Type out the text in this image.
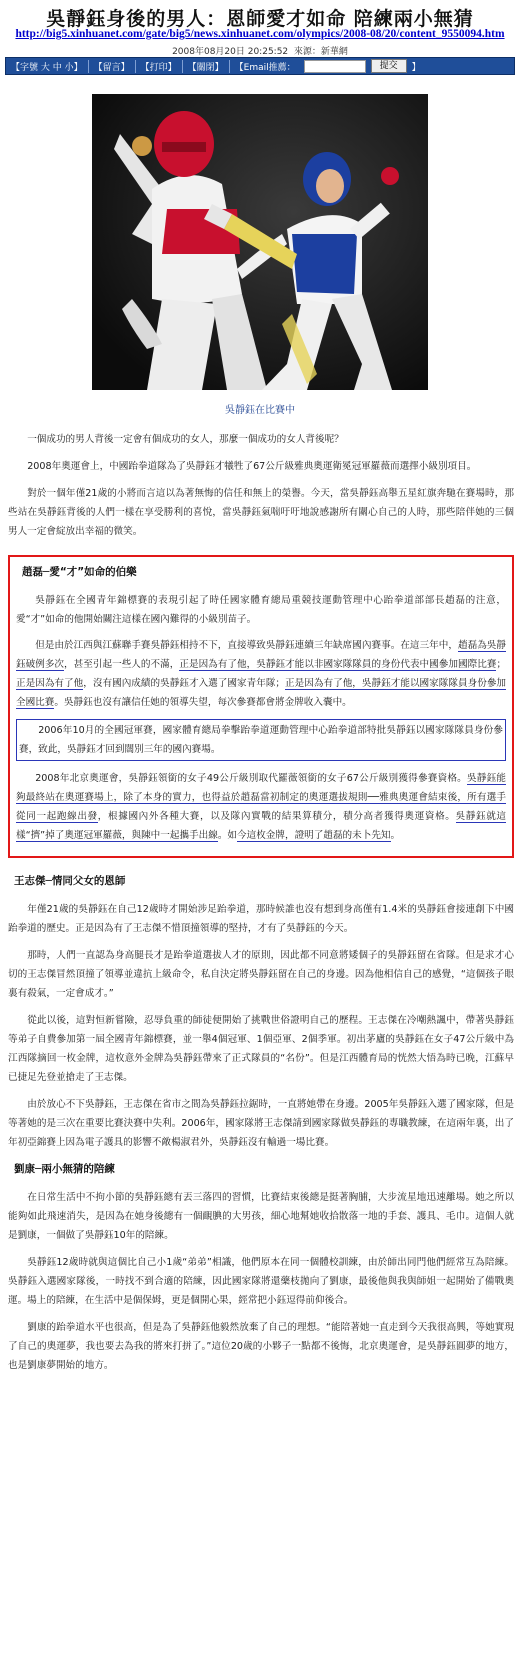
吳靜鈺身後的男人：恩師愛才如命 陪練兩小無猜
http://big5.xinhuanet.com/gate/big5/news.xinhuanet.com/olympics/2008-08/20/content_9550094.htm
2008年08月20日 20:25:52 來源：新華網
【字號 大 中 小】	【留言】	【打印】	【關閉】	【Email推薦：	提交	】
吳靜鈺在比賽中

一個成功的男人背後一定會有個成功的女人，那麼一個成功的女人背後呢？

2008年奧運會上，中國跆拳道隊為了吳靜鈺才犧牲了67公斤級雅典奧運衛冕冠軍羅薇而選擇小級別項目。

對於一個年僅21歲的小將而言這以為著無悔的信任和無上的榮譽。今天，當吳靜鈺高舉五星紅旗奔馳在賽場時，那些站在吳靜鈺背後的人們一樣在享受勝利的喜悅，當吳靜鈺氣喘吁吁地說感謝所有關心自己的人時，那些陪伴她的三個男人一定會綻放出幸福的微笑。

趙磊─愛“才”如命的伯樂

吳靜鈺在全國青年錦標賽的表現引起了時任國家體育總局重競技運動管理中心跆拳道部部長趙磊的注意，愛“才”如命的他開始關注這樣在國內難得的小級別苗子。

但是由於江西與江蘇聯手賽吳靜鈺相持不下，直接導致吳靜鈺連續三年缺席國內賽事。在這三年中，趙磊為吳靜鈺破例多次，甚至引起一些人的不滿，正是因為有了他，吳靜鈺才能以非國家隊隊員的身份代表中國參加國際比賽；正是因為有了他，沒有國內成績的吳靜鈺才入選了國家青年隊；正是因為有了他，吳靜鈺才能以國家隊隊員身份參加全國比賽。吳靜鈺也沒有讓信任她的領導失望，每次參賽都會將金牌收入囊中。

2006年10月的全國冠軍賽，國家體育總局拳擊跆拳道運動管理中心跆拳道部特批吳靜鈺以國家隊隊員身份參賽，致此，吳靜鈺才回到闊別三年的國內賽場。

2008年北京奧運會，吳靜鈺領銜的女子49公斤級別取代羅薇領銜的女子67公斤級別獲得參賽資格。吳靜鈺能夠最終站在奧運賽場上，除了本身的實力，也得益於趙磊當初制定的奧運選拔規則──雅典奧運會結束後，所有選手從同一起跑線出發，根據國內外各種大賽，以及隊內實戰的結果算積分，積分高者獲得奧運資格。吳靜鈺就這樣“擠”掉了奧運冠軍羅薇，與陳中一起攜手出線。如今這枚金牌，證明了趙磊的未卜先知。

王志傑─情同父女的恩師

年僅21歲的吳靜鈺在自己12歲時才開始涉足跆拳道，那時候誰也沒有想到身高僅有1.4米的吳靜鈺會接連創下中國跆拳道的歷史。正是因為有了王志傑不惜頂撞領導的堅持，才有了吳靜鈺的今天。

那時，人們一直認為身高腿長才是跆拳道選拔人才的原則，因此都不同意將矮個子的吳靜鈺留在省隊。但是求才心切的王志傑冒然頂撞了領導並違抗上級命令，私自決定將吳靜鈺留在自己的身邊。因為他相信自己的感覺，“這個孩子眼裏有殺氣，一定會成才。”

從此以後，這對恒新嘗險，忍辱負重的師徒便開始了挑戰世俗證明自己的歷程。王志傑在冷嘲熱諷中，帶著吳靜鈺等弟子自費參加第一屆全國青年錦標賽，並一舉4個冠軍、1個亞軍、2個季軍。初出茅廬的吳靜鈺在女子47公斤級中為江西隊摘回一枚金牌，這枚意外金牌為吳靜鈺帶來了正式隊員的“名份”。但是江西體育局的恍然大悟為時已晚，江蘇早已捷足先登並搶走了王志傑。

由於放心不下吳靜鈺，王志傑在省市之間為吳靜鈺拉鋸時，一直將她帶在身邊。2005年吳靜鈺入選了國家隊，但是等著她的是三次在重要比賽決賽中失利。2006年，國家隊將王志傑請到國家隊做吳靜鈺的專職教練，在這兩年裏，出了年初亞錦賽上因為電子護具的影響不敵楊淑君外，吳靜鈺沒有輸過一場比賽。

劉康─兩小無猜的陪練

在日常生活中不拘小節的吳靜鈺總有丟三落四的習慣，比賽結束後總是挺著胸脯，大步流星地迅速離場。她之所以能夠如此飛速消失，是因為在她身後總有一個靦腆的大男孩，細心地幫她收拾散落一地的手套、護具、毛巾。這個人就是劉康，一個做了吳靜鈺10年的陪練。

吳靜鈺12歲時就與這個比自己小1歲“弟弟”相識，他們原本在同一個體校訓練，由於師出同門他們經常互為陪練。吳靜鈺入選國家隊後，一時找不到合適的陪練，因此國家隊將還藥枝拋向了劉康，最後他與我與師姐一起開始了備戰奧運。場上的陪練，在生活中是個保姆，更是個開心果，經常把小鈺逗得前仰後合。

劉康的跆拳道水平也很高，但是為了吳靜鈺他毅然放棄了自己的理想。“能陪著她一直走到今天我很高興，等她實現了自己的奧運夢，我也要去為我的將來打拼了。”這位20歲的小夥子一點都不後悔，北京奧運會，是吳靜鈺圓夢的地方，也是劉康夢開始的地方。
